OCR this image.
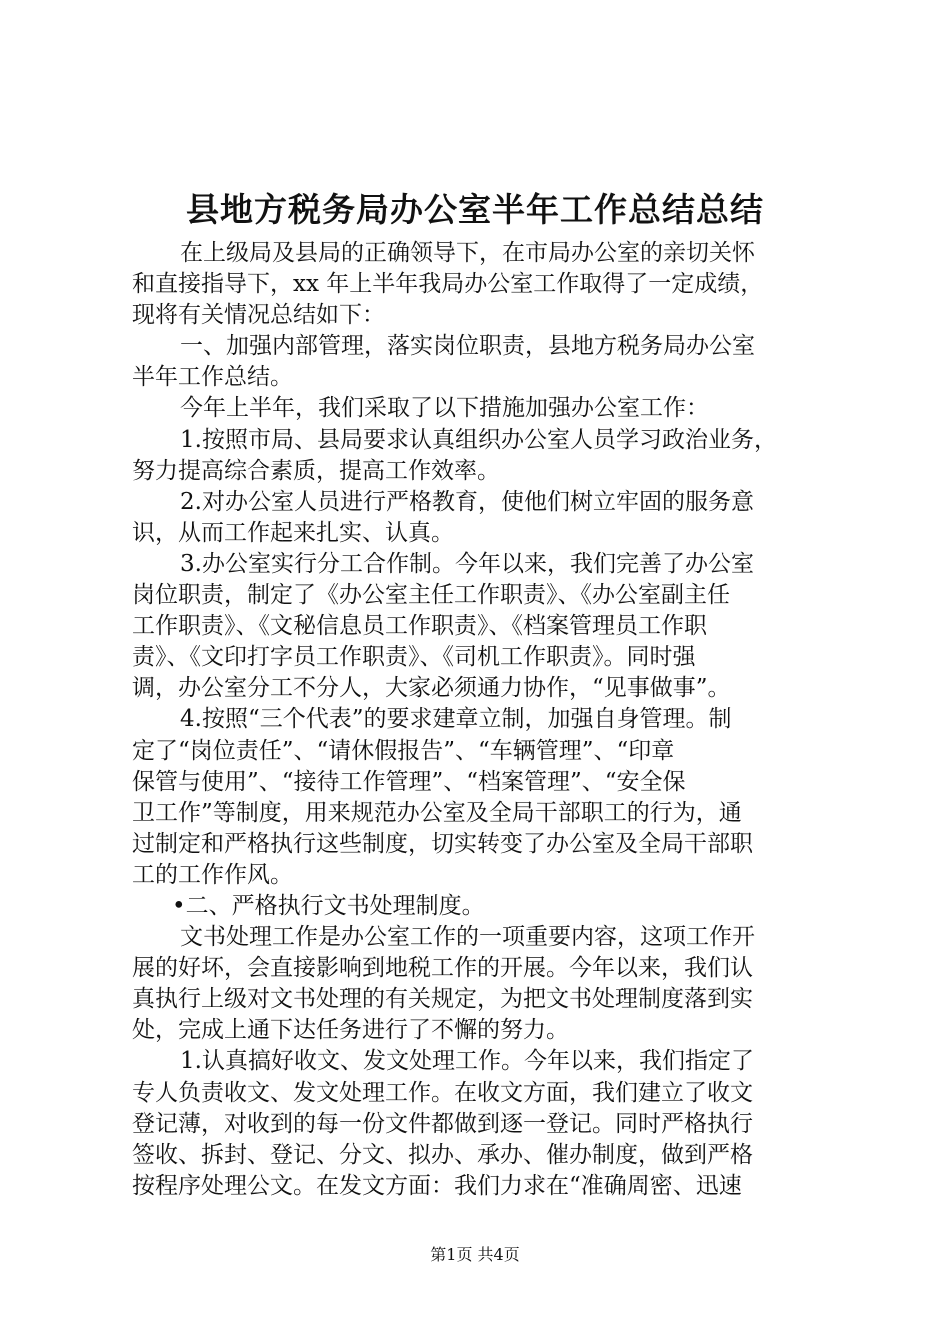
县地方税务局办公室半年工作总结总结
在上级局及县局的正确领导下，在市局办公室的亲切关怀
和直接指导下，xx 年上半年我局办公室工作取得了一定成绩，
现将有关情况总结如下：
一、加强内部管理，落实岗位职责，县地方税务局办公室
半年工作总结。
今年上半年，我们采取了以下措施加强办公室工作：
1.按照市局、县局要求认真组织办公室人员学习政治业务，
努力提高综合素质，提高工作效率。
2.对办公室人员进行严格教育，使他们树立牢固的服务意
识，从而工作起来扎实、认真。
3.办公室实行分工合作制。今年以来，我们完善了办公室
岗位职责，制定了《办公室主任工作职责》、《办公室副主任
工作职责》、《文秘信息员工作职责》、《档案管理员工作职
责》、《文印打字员工作职责》、《司机工作职责》。同时强
调，办公室分工不分人，大家必须通力协作，“见事做事”。
4.按照“三个代表”的要求建章立制，加强自身管理。制
定了“岗位责任”、“请休假报告”、“车辆管理”、“印章
保管与使用”、“接待工作管理”、“档案管理”、“安全保
卫工作”等制度，用来规范办公室及全局干部职工的行为，通
过制定和严格执行这些制度，切实转变了办公室及全局干部职
工的工作作风。
•二、严格执行文书处理制度。
文书处理工作是办公室工作的一项重要内容，这项工作开
展的好坏，会直接影响到地税工作的开展。今年以来，我们认
真执行上级对文书处理的有关规定，为把文书处理制度落到实
处，完成上通下达任务进行了不懈的努力。
1.认真搞好收文、发文处理工作。今年以来，我们指定了
专人负责收文、发文处理工作。在收文方面，我们建立了收文
登记薄，对收到的每一份文件都做到逐一登记。同时严格执行
签收、拆封、登记、分文、拟办、承办、催办制度，做到严格
按程序处理公文。在发文方面：我们力求在“准确周密、迅速
第1页 共4页
